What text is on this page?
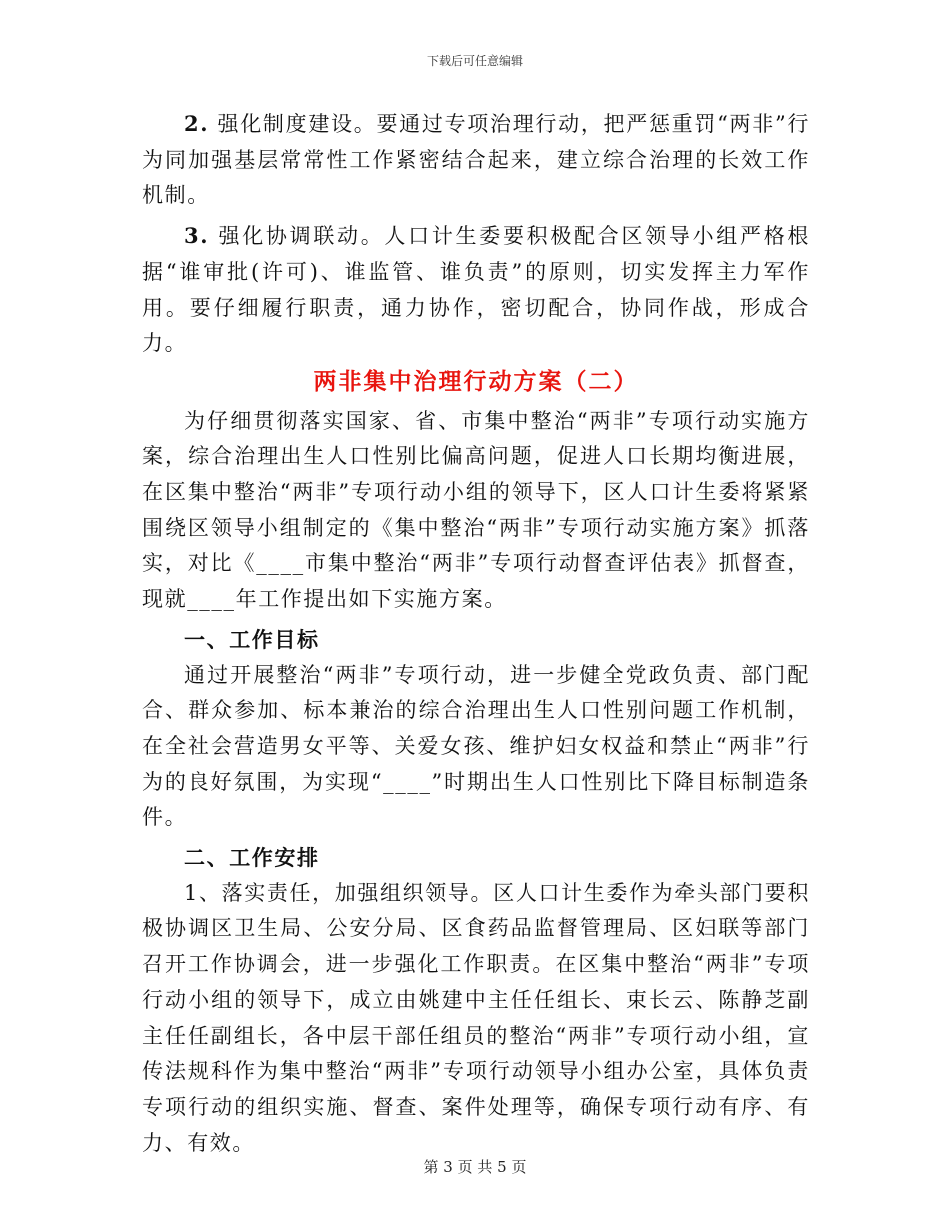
下载后可任意编辑

2. 强化制度建设。要通过专项治理行动，把严惩重罚“两非”行为同加强基层常常性工作紧密结合起来，建立综合治理的长效工作机制。

3. 强化协调联动。人口计生委要积极配合区领导小组严格根据“谁审批(许可)、谁监管、谁负责”的原则，切实发挥主力军作用。要仔细履行职责，通力协作，密切配合，协同作战，形成合力。

两非集中治理行动方案（二）

为仔细贯彻落实国家、省、市集中整治“两非”专项行动实施方案，综合治理出生人口性别比偏高问题，促进人口长期均衡进展，在区集中整治“两非”专项行动小组的领导下，区人口计生委将紧紧围绕区领导小组制定的《集中整治“两非”专项行动实施方案》抓落实，对比《____市集中整治“两非”专项行动督查评估表》抓督查，现就____年工作提出如下实施方案。

一、工作目标

通过开展整治“两非”专项行动，进一步健全党政负责、部门配合、群众参加、标本兼治的综合治理出生人口性别问题工作机制，在全社会营造男女平等、关爱女孩、维护妇女权益和禁止“两非”行为的良好氛围，为实现“____”时期出生人口性别比下降目标制造条件。

二、工作安排

1、落实责任，加强组织领导。区人口计生委作为牵头部门要积极协调区卫生局、公安分局、区食药品监督管理局、区妇联等部门召开工作协调会，进一步强化工作职责。在区集中整治“两非”专项行动小组的领导下，成立由姚建中主任任组长、束长云、陈静芝副主任任副组长，各中层干部任组员的整治“两非”专项行动小组，宣传法规科作为集中整治“两非”专项行动领导小组办公室，具体负责专项行动的组织实施、督查、案件处理等，确保专项行动有序、有力、有效。

第 3 页 共 5 页
